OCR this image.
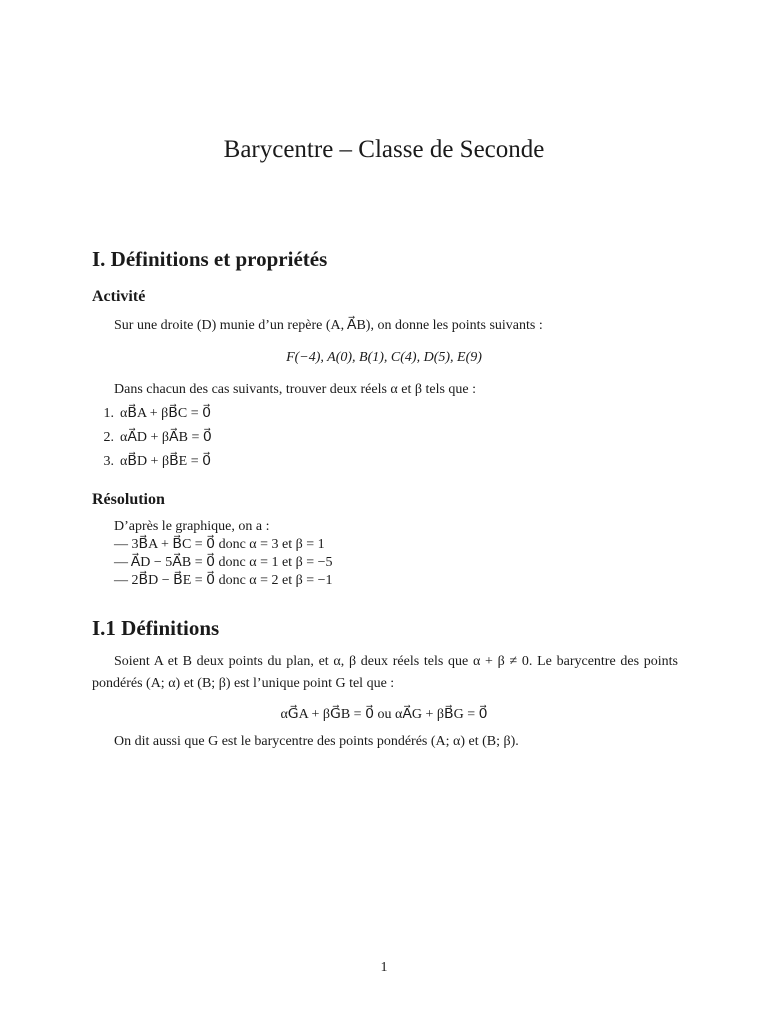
Barycentre – Classe de Seconde
I. Définitions et propriétés
Activité
Sur une droite (D) munie d’un repère (A, A⃗B), on donne les points suivants :
F(−4), A(0), B(1), C(4), D(5), E(9)
Dans chacun des cas suivants, trouver deux réels α et β tels que :
1. αB⃗A + βB⃗C = 0⃗
2. αA⃗D + βA⃗B = 0⃗
3. αB⃗D + βB⃗E = 0⃗
Résolution
D’après le graphique, on a :
— 3B⃗A + B⃗C = 0⃗ donc α = 3 et β = 1
— A⃗D − 5A⃗B = 0⃗ donc α = 1 et β = −5
— 2B⃗D − B⃗E = 0⃗ donc α = 2 et β = −1
I.1 Définitions
Soient A et B deux points du plan, et α, β deux réels tels que α + β ≠ 0. Le barycentre des points pondérés (A; α) et (B; β) est l’unique point G tel que :
αG⃗A + βG⃗B = 0⃗ ou αA⃗G + βB⃗G = 0⃗
On dit aussi que G est le barycentre des points pondérés (A; α) et (B; β).
1
